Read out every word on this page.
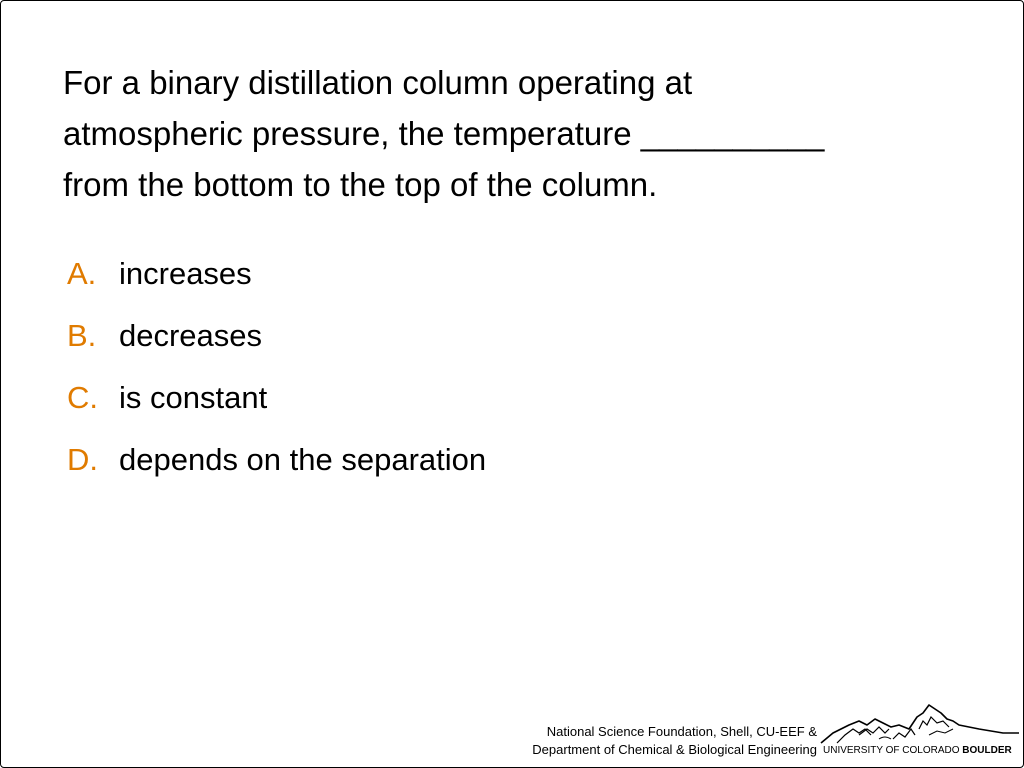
For a binary distillation column operating at
atmospheric pressure, the temperature __________
from the bottom to the top of the column.

A. increases
B. decreases
C. is constant
D. depends on the separation
National Science Foundation, Shell, CU-EEF &
Department of Chemical & Biological Engineering UNIVERSITY OF COLORADO BOULDER
